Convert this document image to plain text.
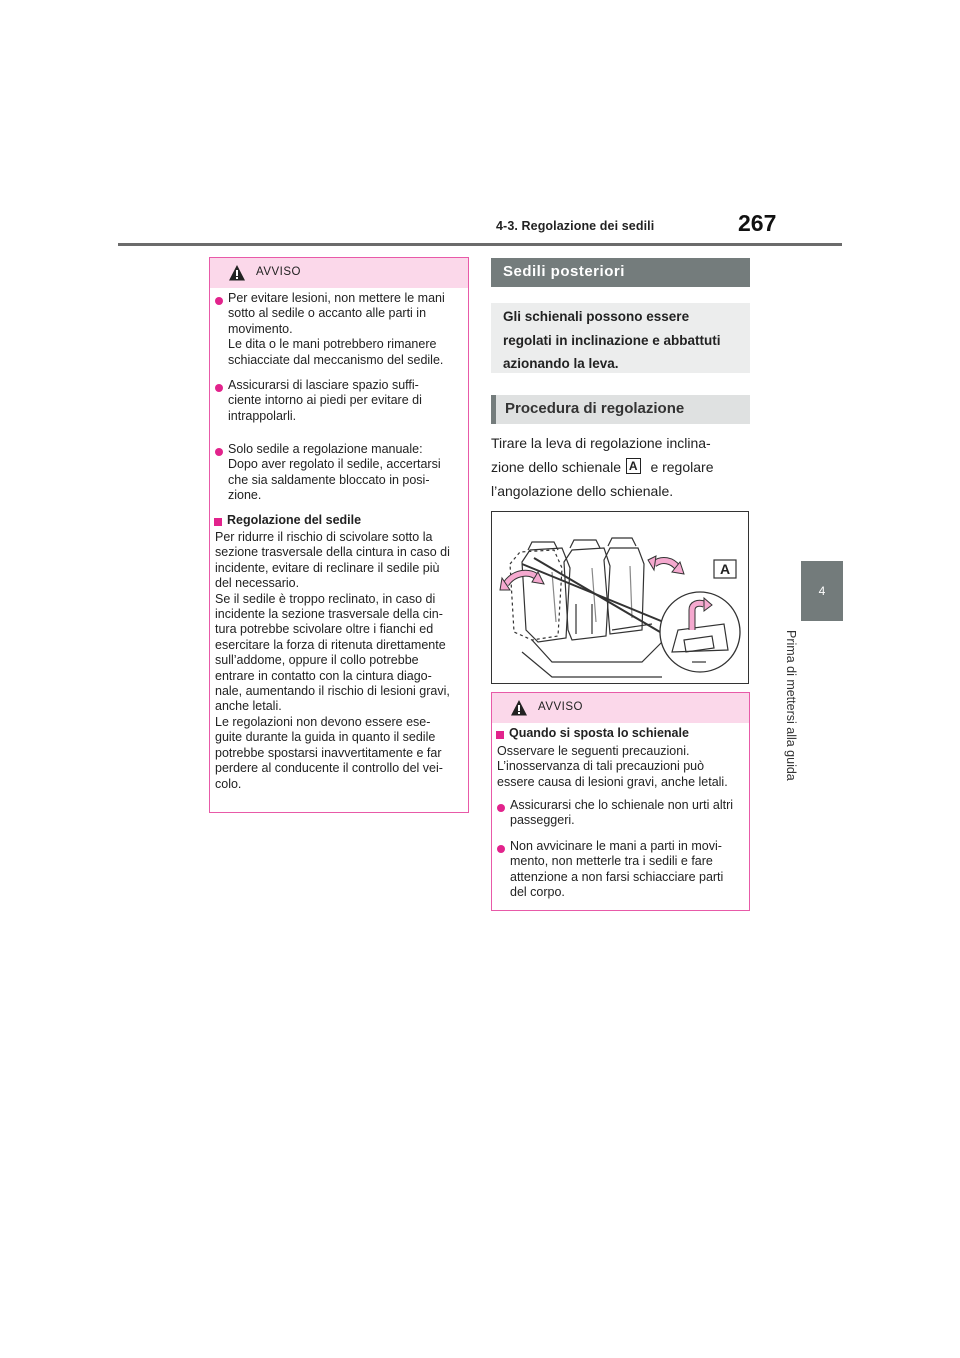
4-3. Regolazione dei sedili	267
4
Prima di mettersi alla guida
AVVISO
Per evitare lesioni, non mettere le mani
sotto al sedile o accanto alle parti in
movimento.
Le dita o le mani potrebbero rimanere
schiacciate dal meccanismo del sedile.
Assicurarsi di lasciare spazio suffi-
ciente intorno ai piedi per evitare di
intrappolarli.
Solo sedile a regolazione manuale:
Dopo aver regolato il sedile, accertarsi
che sia saldamente bloccato in posi-
zione.
Regolazione del sedile
Per ridurre il rischio di scivolare sotto la
sezione trasversale della cintura in caso di
incidente, evitare di reclinare il sedile più
del necessario.
Se il sedile è troppo reclinato, in caso di
incidente la sezione trasversale della cin-
tura potrebbe scivolare oltre i fianchi ed
esercitare la forza di ritenuta direttamente
sull’addome, oppure il collo potrebbe
entrare in contatto con la cintura diago-
nale, aumentando il rischio di lesioni gravi,
anche letali.
Le regolazioni non devono essere ese-
guite durante la guida in quanto il sedile
potrebbe spostarsi inavvertitamente e far
perdere al conducente il controllo del vei-
colo.
Sedili posteriori
Gli schienali possono essere
regolati in inclinazione e abbattuti
azionando la leva.
Procedura di regolazione
Tirare la leva di regolazione inclina-
zione dello schienale A e regolare
l’angolazione dello schienale.
A
AVVISO
Quando si sposta lo schienale
Osservare le seguenti precauzioni.
L’inosservanza di tali precauzioni può
essere causa di lesioni gravi, anche letali.
Assicurarsi che lo schienale non urti altri
passeggeri.
Non avvicinare le mani a parti in movi-
mento, non metterle tra i sedili e fare
attenzione a non farsi schiacciare parti
del corpo.
